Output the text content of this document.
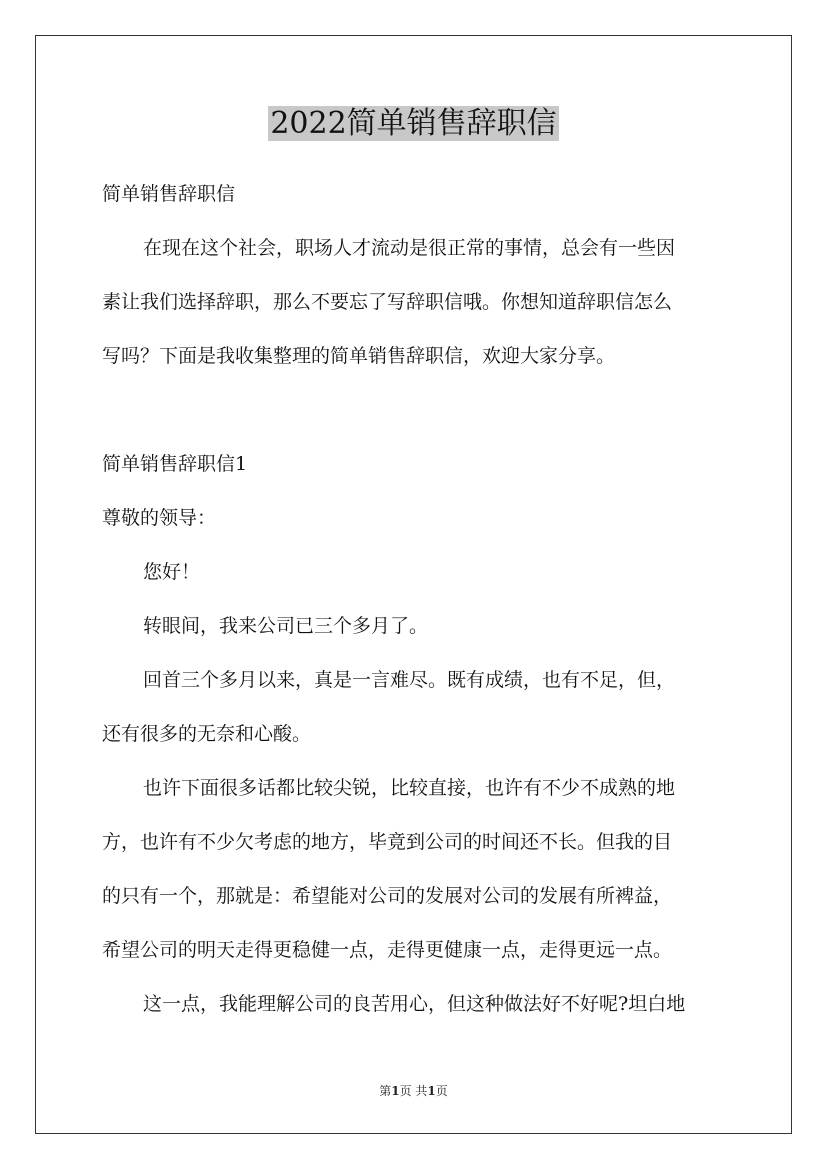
2022简单销售辞职信
简单销售辞职信
在现在这个社会，职场人才流动是很正常的事情，总会有一些因
素让我们选择辞职，那么不要忘了写辞职信哦。你想知道辞职信怎么
写吗？下面是我收集整理的简单销售辞职信，欢迎大家分享。
简单销售辞职信1
尊敬的领导：
您好！
转眼间，我来公司已三个多月了。
回首三个多月以来，真是一言难尽。既有成绩，也有不足，但，
还有很多的无奈和心酸。
也许下面很多话都比较尖锐，比较直接，也许有不少不成熟的地
方，也许有不少欠考虑的地方，毕竟到公司的时间还不长。但我的目
的只有一个，那就是：希望能对公司的发展对公司的发展有所裨益，
希望公司的明天走得更稳健一点，走得更健康一点，走得更远一点。
这一点，我能理解公司的良苦用心，但这种做法好不好呢?坦白地
第1页 共1页
